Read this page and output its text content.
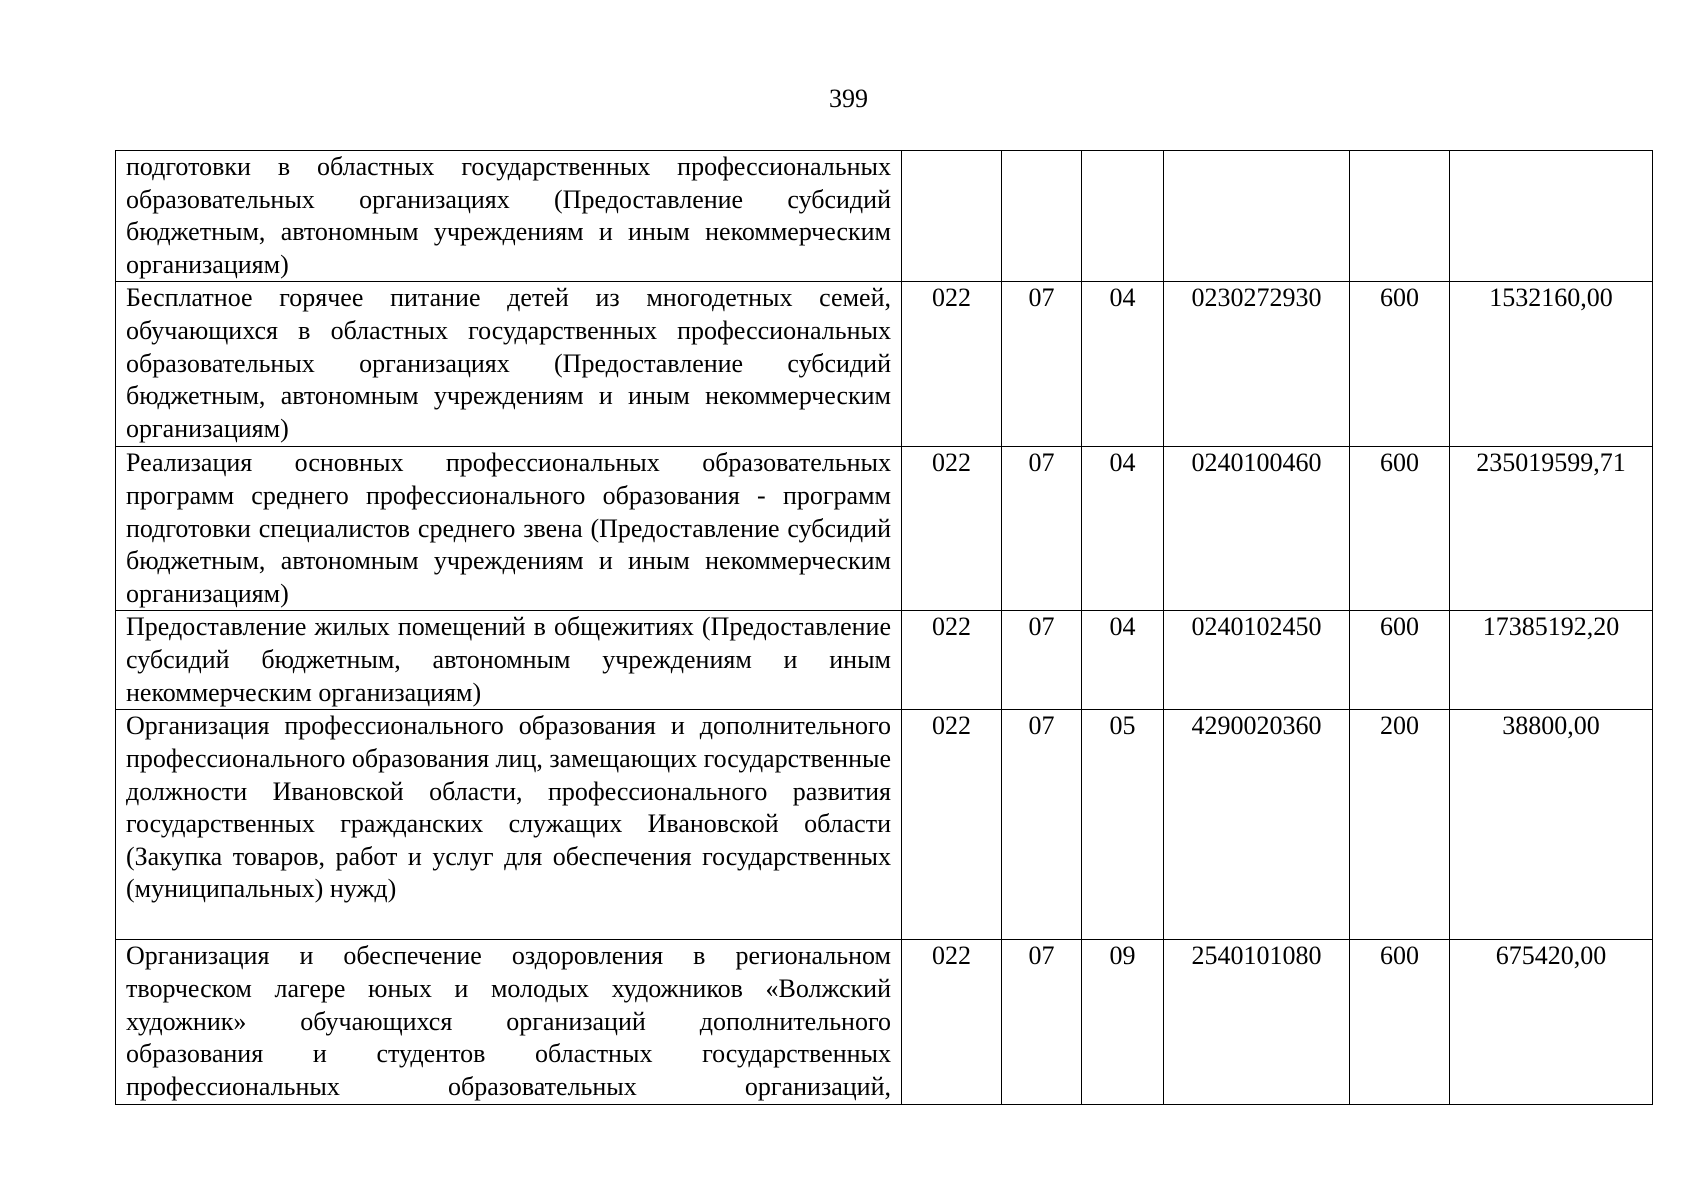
399
подготовки в областных государственных профессиональных образовательных организациях (Предоставление субсидий бюджетным, автономным учреждениям и иным некоммерческим организациям)						
Бесплатное горячее питание детей из многодетных семей, обучающихся в областных государственных профессиональных образовательных организациях (Предоставление субсидий бюджетным, автономным учреждениям и иным некоммерческим организациям)	022	07	04	0230272930	600	1532160,00
Реализация основных профессиональных образовательных программ среднего профессионального образования - программ подготовки специалистов среднего звена (Предоставление субсидий бюджетным, автономным учреждениям и иным некоммерческим организациям)	022	07	04	0240100460	600	235019599,71
Предоставление жилых помещений в общежитиях (Предоставление субсидий бюджетным, автономным учреждениям и иным некоммерческим организациям)	022	07	04	0240102450	600	17385192,20
Организация профессионального образования и дополнительного профессионального образования лиц, замещающих государственные должности Ивановской области, профессионального развития государственных гражданских служащих Ивановской области (Закупка товаров, работ и услуг для обеспечения государственных (муниципальных) нужд)	022	07	05	4290020360	200	38800,00
Организация и обеспечение оздоровления в региональном творческом лагере юных и молодых художников «Волжский художник» обучающихся организаций дополнительного образования и студентов областных государственных профессиональных образовательных организаций,	022	07	09	2540101080	600	675420,00
